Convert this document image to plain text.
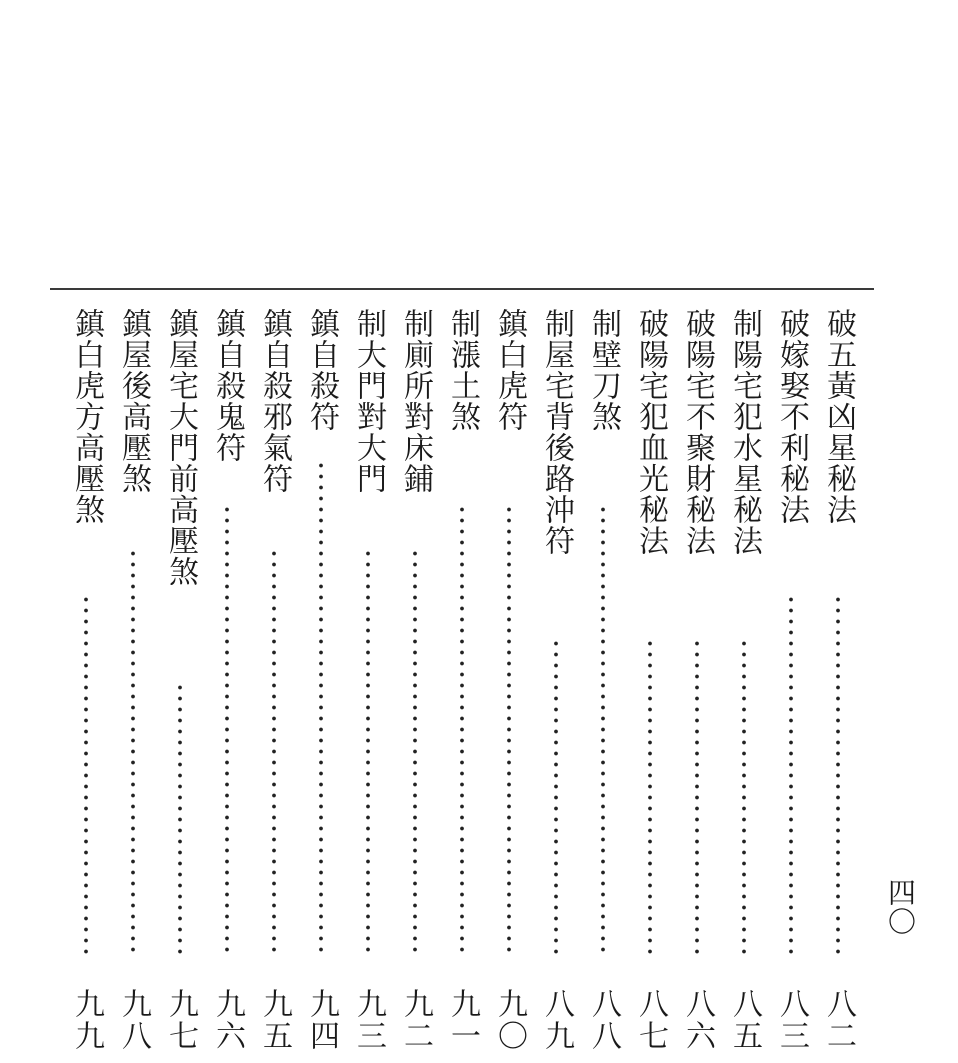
破五黃凶星秘法
八二
破嫁娶不利秘法
八三
制陽宅犯水星秘法
八五
破陽宅不聚財秘法
八六
破陽宅犯血光秘法
八七
制壁刀煞
八八
制屋宅背後路沖符
八九
鎮白虎符
九〇
制漲土煞
九一
制廁所對床鋪
九二
制大門對大門
九三
鎮自殺符
九四
鎮自殺邪氣符
九五
鎮自殺鬼符
九六
鎮屋宅大門前高壓煞
九七
鎮屋後高壓煞
九八
鎮白虎方高壓煞
九九
四〇
